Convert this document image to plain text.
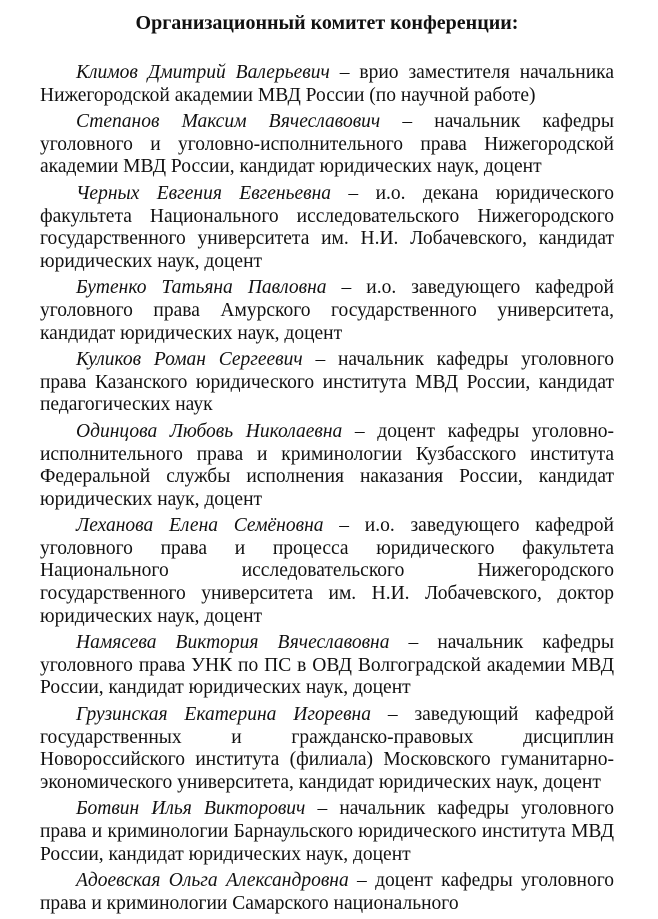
Организационный комитет конференции:

Климов Дмитрий Валерьевич – врио заместителя начальника Нижегородской академии МВД России (по научной работе)

Степанов Максим Вячеславович – начальник кафедры уголовного и уголовно-исполнительного права Нижегородской академии МВД России, кандидат юридических наук, доцент

Черных Евгения Евгеньевна – и.о. декана юридического факультета Национального исследовательского Нижегородского государственного университета им. Н.И. Лобачевского, кандидат юридических наук, доцент

Бутенко Татьяна Павловна – и.о. заведующего кафедрой уголовного права Амурского государственного университета, кандидат юридических наук, доцент

Куликов Роман Сергеевич – начальник кафедры уголовного права Казанского юридического института МВД России, кандидат педагогических наук

Одинцова Любовь Николаевна – доцент кафедры уголовно-исполнительного права и криминологии Кузбасского института Федеральной службы исполнения наказания России, кандидат юридических наук, доцент

Леханова Елена Семёновна – и.о. заведующего кафедрой уголовного права и процесса юридического факультета Национального исследовательского Нижегородского государственного университета им. Н.И. Лобачевского, доктор юридических наук, доцент

Намясева Виктория Вячеславовна – начальник кафедры уголовного права УНК по ПС в ОВД Волгоградской академии МВД России, кандидат юридических наук, доцент

Грузинская Екатерина Игоревна – заведующий кафедрой государственных и гражданско-правовых дисциплин Новороссийского института (филиала) Московского гуманитарно-экономического университета, кандидат юридических наук, доцент

Ботвин Илья Викторович – начальник кафедры уголовного права и криминологии Барнаульского юридического института МВД России, кандидат юридических наук, доцент

Адоевская Ольга Александровна – доцент кафедры уголовного права и криминологии Самарского национального
